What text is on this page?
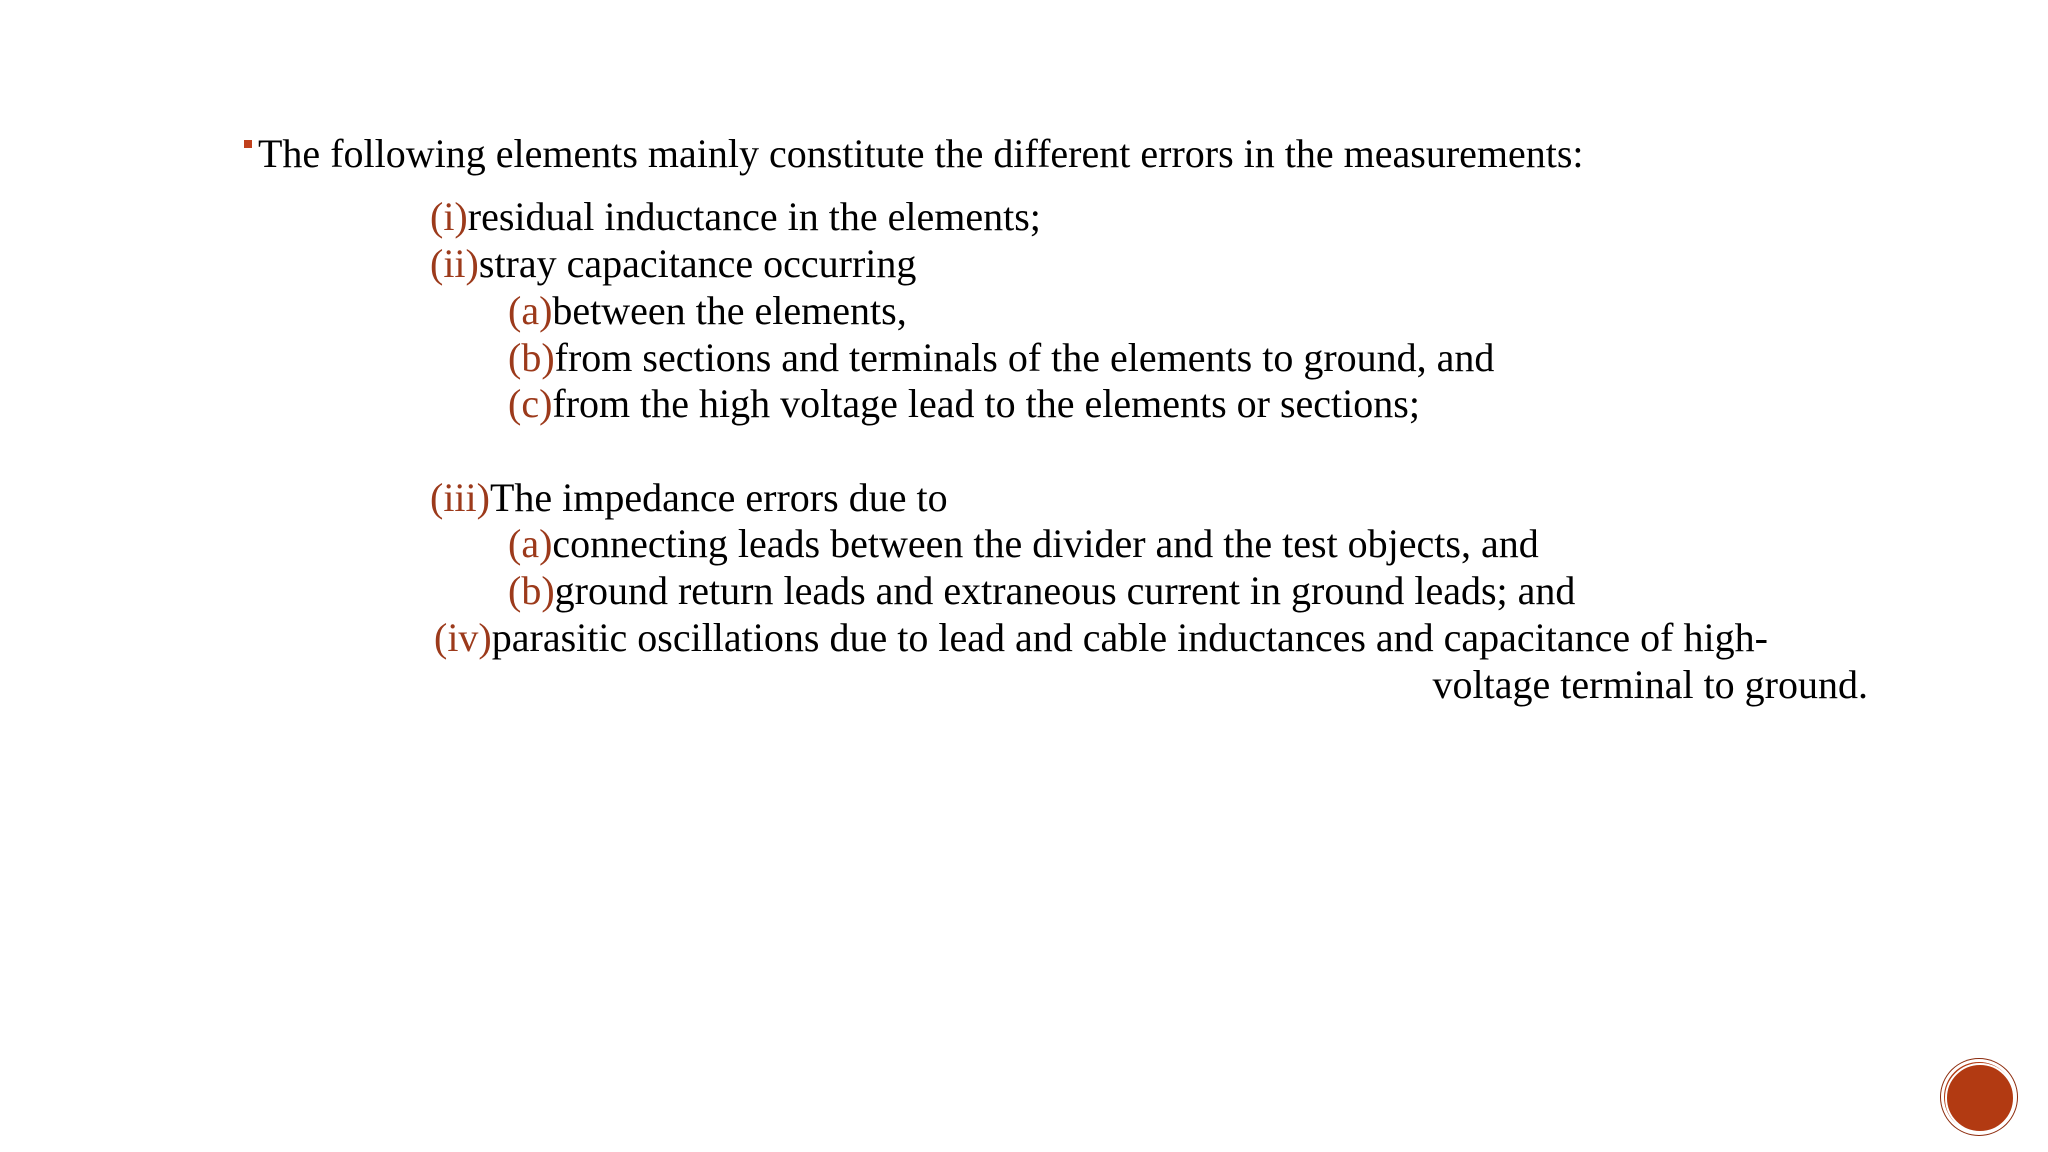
The following elements mainly constitute the different errors in the measurements:
(i)residual inductance in the elements;
(ii)stray capacitance occurring
(a)between the elements,
(b)from sections and terminals of the elements to ground, and
(c)from the high voltage lead to the elements or sections;
(iii)The impedance errors due to
(a)connecting leads between the divider and the test objects, and
(b)ground return leads and extraneous current in ground leads; and
(iv)parasitic oscillations due to lead and cable inductances and capacitance of high-
voltage terminal to ground.
